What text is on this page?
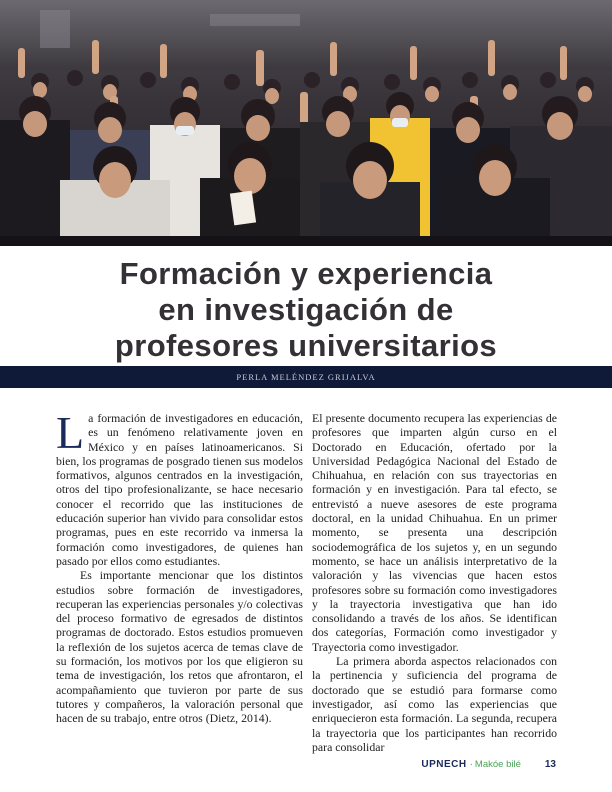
Formación y experiencia
en investigación de
profesores universitarios
PERLA MELÉNDEZ GRIJALVA

La formación de investigadores en educación, es un fenómeno relativamente joven en México y en países latinoamericanos. Si bien, los programas de posgrado tienen sus modelos formativos, algunos centrados en la investigación, otros del tipo profesionalizante, se hace necesario conocer el recorrido que las instituciones de educación superior han vivido para consolidar estos programas, pues en este recorrido va inmersa la formación como investigadores, de quienes han pasado por ellos como estudiantes.

Es importante mencionar que los distintos estudios sobre formación de investigadores, recuperan las experiencias personales y/o colectivas del proceso formativo de egresados de distintos programas de doctorado. Estos estudios promueven la reflexión de los sujetos acerca de temas clave de su formación, los motivos por los que eligieron su tema de investigación, los retos que afrontaron, el acompañamiento que tuvieron por parte de sus tutores y compañeros, la valoración personal que hacen de su trabajo, entre otros (Dietz, 2014).

El presente documento recupera las experiencias de profesores que imparten algún curso en el Doctorado en Educación, ofertado por la Universidad Pedagógica Nacional del Estado de Chihuahua, en relación con sus trayectorias en formación y en investigación. Para tal efecto, se entrevistó a nueve asesores de este programa doctoral, en la unidad Chihuahua. En un primer momento, se presenta una descripción sociodemográfica de los sujetos y, en un segundo momento, se hace un análisis interpretativo de la valoración y las vivencias que hacen estos profesores sobre su formación como investigadores y la trayectoria investigativa que han ido consolidando a través de los años. Se identifican dos categorías, Formación como investigador y Trayectoria como investigador.

La primera aborda aspectos relacionados con la pertinencia y suficiencia del programa de doctorado que se estudió para formarse como investigador, así como las experiencias que enriquecieron esta formación. La segunda, recupera la trayectoria que los participantes han recorrido para consolidar

UPNECH · Makóe bilé 13
